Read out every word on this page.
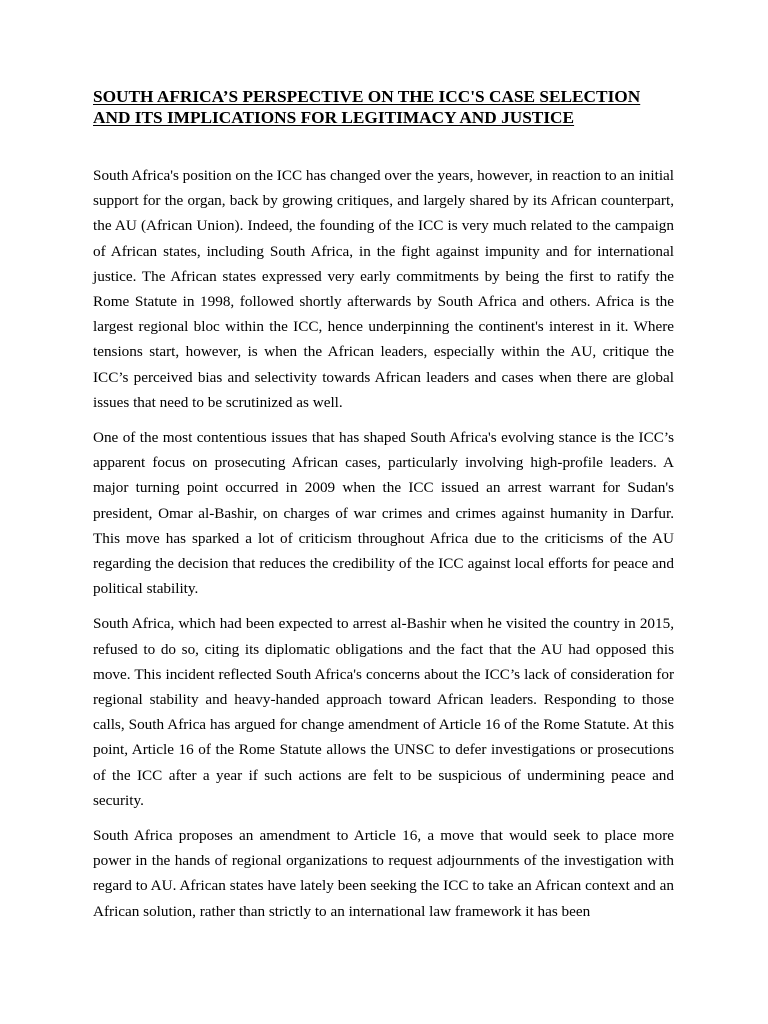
SOUTH AFRICA’S PERSPECTIVE ON THE ICC'S CASE SELECTION
AND ITS IMPLICATIONS FOR LEGITIMACY AND JUSTICE

South Africa's position on the ICC has changed over the years, however, in reaction to an initial support for the organ, back by growing critiques, and largely shared by its African counterpart, the AU (African Union). Indeed, the founding of the ICC is very much related to the campaign of African states, including South Africa, in the fight against impunity and for international justice. The African states expressed very early commitments by being the first to ratify the Rome Statute in 1998, followed shortly afterwards by South Africa and others. Africa is the largest regional bloc within the ICC, hence underpinning the continent's interest in it. Where tensions start, however, is when the African leaders, especially within the AU, critique the ICC’s perceived bias and selectivity towards African leaders and cases when there are global issues that need to be scrutinized as well.

One of the most contentious issues that has shaped South Africa's evolving stance is the ICC’s apparent focus on prosecuting African cases, particularly involving high-profile leaders. A major turning point occurred in 2009 when the ICC issued an arrest warrant for Sudan's president, Omar al-Bashir, on charges of war crimes and crimes against humanity in Darfur. This move has sparked a lot of criticism throughout Africa due to the criticisms of the AU regarding the decision that reduces the credibility of the ICC against local efforts for peace and political stability.

South Africa, which had been expected to arrest al-Bashir when he visited the country in 2015, refused to do so, citing its diplomatic obligations and the fact that the AU had opposed this move. This incident reflected South Africa's concerns about the ICC’s lack of consideration for regional stability and heavy-handed approach toward African leaders. Responding to those calls, South Africa has argued for change amendment of Article 16 of the Rome Statute. At this point, Article 16 of the Rome Statute allows the UNSC to defer investigations or prosecutions of the ICC after a year if such actions are felt to be suspicious of undermining peace and security.

South Africa proposes an amendment to Article 16, a move that would seek to place more power in the hands of regional organizations to request adjournments of the investigation with regard to AU. African states have lately been seeking the ICC to take an African context and an African solution, rather than strictly to an international law framework it has been
